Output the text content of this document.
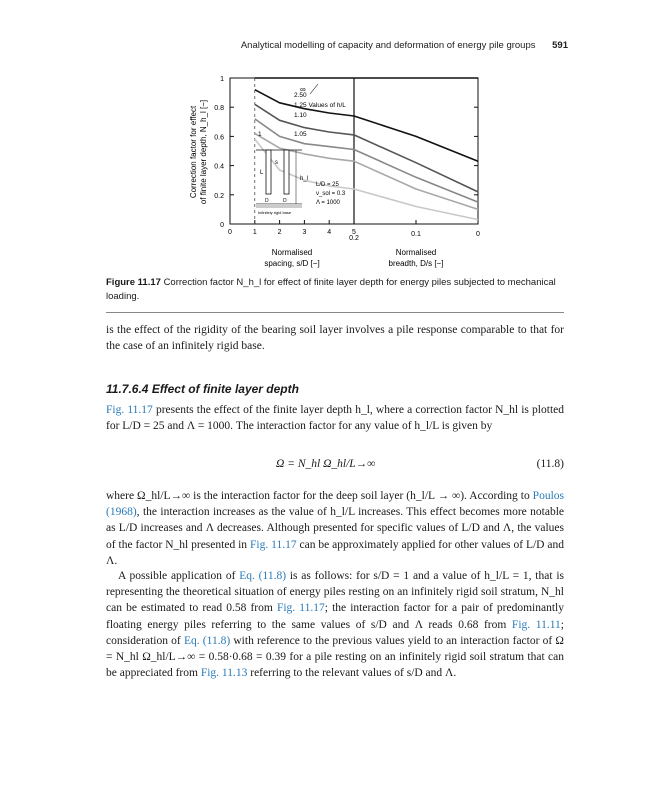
Analytical modelling of capacity and deformation of energy pile groups 591
0
0.2
0.4
0.6
0.8
1
0	1	2	3	4	5
0.2
0.1	0
Correction factor for effect of finite layer depth, N_h_l [−]
Normalised
spacing, s/D [−]
Normalised
breadth, D/s [−]
∞
2.50
1.25 Values of h/L
1.10
1.05
1
L/D = 25
ν_sol = 0.3
Λ = 1000
L
s
D	D
h_l
Infinitely rigid base
Figure 11.17 Correction factor N_h_l for effect of finite layer depth for energy piles subjected to mechanical loading.
is the effect of the rigidity of the bearing soil layer involves a pile response comparable to that for the case of an infinitely rigid base.
11.7.6.4 Effect of finite layer depth
Fig. 11.17 presents the effect of the finite layer depth h_l, where a correction factor N_hl is plotted for L/D = 25 and Λ = 1000. The interaction factor for any value of h_l/L is given by
Ω = N_hl Ω_hl/L→∞	(11.8)
where Ω_hl/L→∞ is the interaction factor for the deep soil layer (h_l/L → ∞). According to Poulos (1968), the interaction increases as the value of h_l/L increases. This effect becomes more notable as L/D increases and Λ decreases. Although presented for specific values of L/D and Λ, the values of the factor N_hl presented in Fig. 11.17 can be approximately applied for other values of L/D and Λ.
A possible application of Eq. (11.8) is as follows: for s/D = 1 and a value of h_l/L = 1, that is representing the theoretical situation of energy piles resting on an infinitely rigid soil stratum, N_hl can be estimated to read 0.58 from Fig. 11.17; the interaction factor for a pair of predominantly floating energy piles referring to the same values of s/D and Λ reads 0.68 from Fig. 11.11; consideration of Eq. (11.8) with reference to the previous values yield to an interaction factor of Ω = N_hl Ω_hl/L→∞ = 0.58·0.68 = 0.39 for a pile resting on an infinitely rigid soil stratum that can be appreciated from Fig. 11.13 referring to the relevant values of s/D and Λ.
